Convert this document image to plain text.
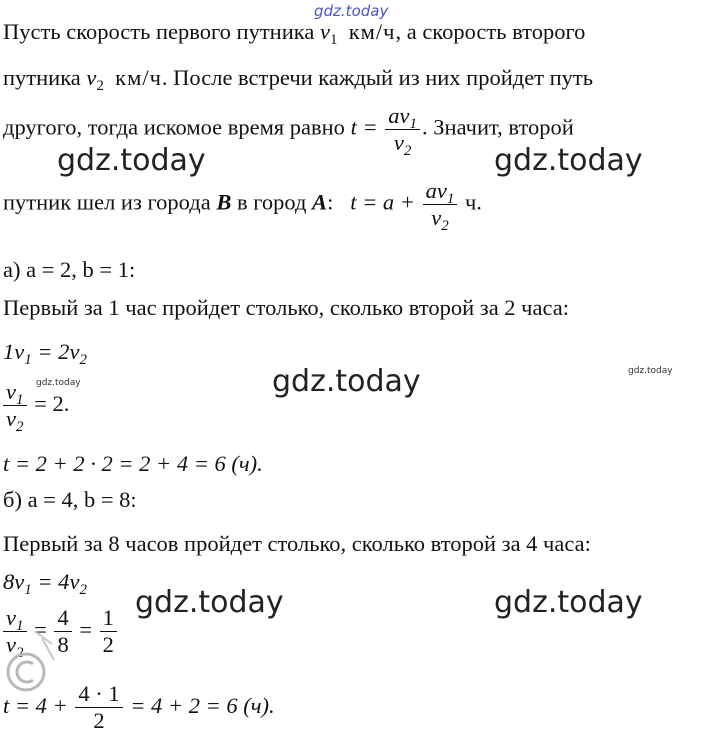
gdz.today
Пусть скорость первого путника $v_1$ км/ч, а скорость второго
путника $v_2$ км/ч. После встречи каждый из них пройдет путь
другого, тогда искомое время равно $t = \frac{av_1}{v_2}$ . Значит, второй
путник шел из города B в город A: $t = a + \frac{av_1}{v_2} ч$.
а) a = 2, b = 1:
Первый за 1 час пройдет столько, сколько второй за 2 часа:
$1v_1 = 2v_2$
$\frac{v_1}{v_2} = 2$.
t = 2 + 2 · 2 = 2 + 4 = 6 (ч).
б) a = 4, b = 8:
Первый за 8 часов пройдет столько, сколько второй за 4 часа:
$8v_1 = 4v_2$
$\frac{v_1}{v_2} = \frac{4}{8} = \frac{1}{2}$
$t = 4 + \frac{4 \cdot 1}{2} = 4 + 2 = 6$ (ч).
gdz.today	gdz.today
gdz.today
gdz.today	gdz.today
gdz.today
gdz.today
